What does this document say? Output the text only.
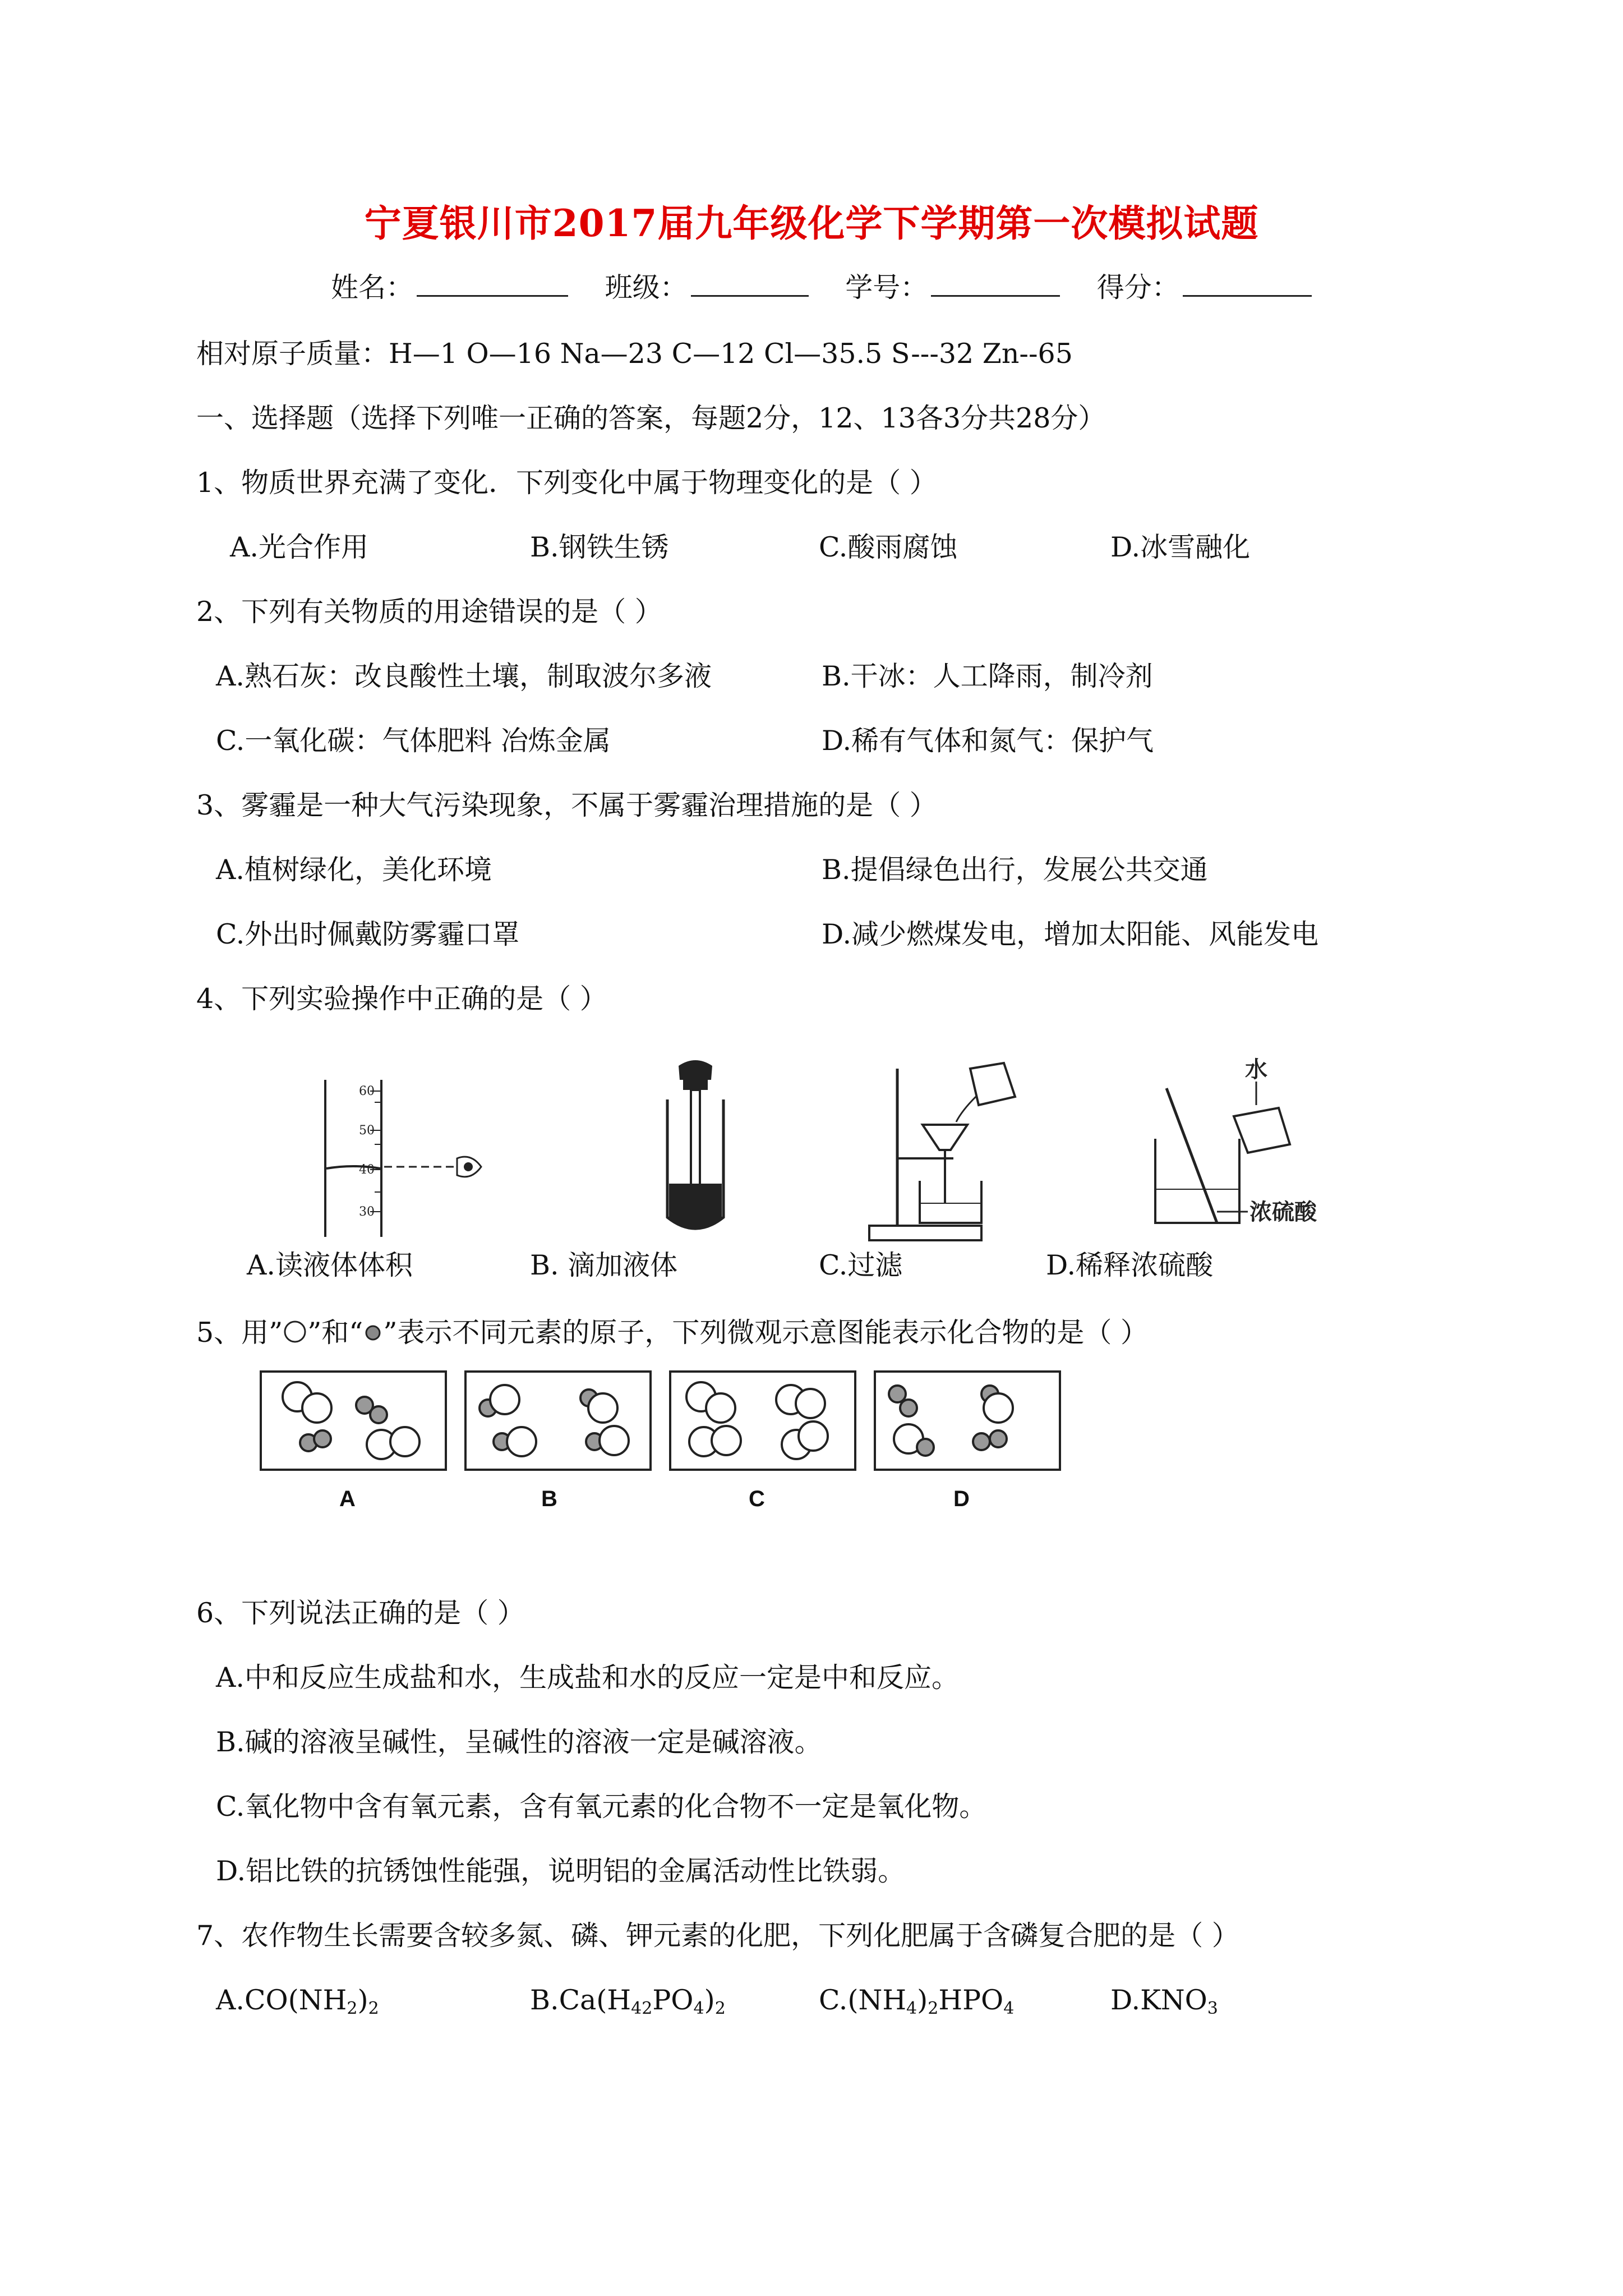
宁夏银川市2017届九年级化学下学期第一次模拟试题
姓名：	班级：	学号：	得分：
相对原子质量：H—1 O—16 Na—23 C—12 Cl—35.5 S---32 Zn--65
一、选择题（选择下列唯一正确的答案，每题2分，12、13各3分共28分）
1、物质世界充满了变化．下列变化中属于物理变化的是（ ）
A.光合作用	B.钢铁生锈	C.酸雨腐蚀	D.冰雪融化
2、下列有关物质的用途错误的是（ ）
A.熟石灰：改良酸性土壤，制取波尔多液	B.干冰：人工降雨，制冷剂
C.一氧化碳：气体肥料 冶炼金属	D.稀有气体和氮气：保护气
3、雾霾是一种大气污染现象，不属于雾霾治理措施的是（ ）
A.植树绿化，美化环境	B.提倡绿色出行，发展公共交通
C.外出时佩戴防雾霾口罩	D.减少燃煤发电，增加太阳能、风能发电
4、下列实验操作中正确的是（ ）
60
50
40
30
水
浓硫酸
A.读液体体积	B. 滴加液体	C.过滤	D.稀释浓硫酸
5、用” ”和“ ”表示不同元素的原子，下列微观示意图能表示化合物的是（ ）
A	B	C	D
6、下列说法正确的是（ ）
A.中和反应生成盐和水，生成盐和水的反应一定是中和反应。
B.碱的溶液呈碱性，呈碱性的溶液一定是碱溶液。
C.氧化物中含有氧元素，含有氧元素的化合物不一定是氧化物。
D.铝比铁的抗锈蚀性能强，说明铝的金属活动性比铁弱。
7、农作物生长需要含较多氮、磷、钾元素的化肥，下列化肥属于含磷复合肥的是（ ）
$A.CO(NH_2)_2$	$B.Ca(H_{42}PO_4)_2$	$C.(NH_4)_2HPO_4$	$D.KNO_3$
